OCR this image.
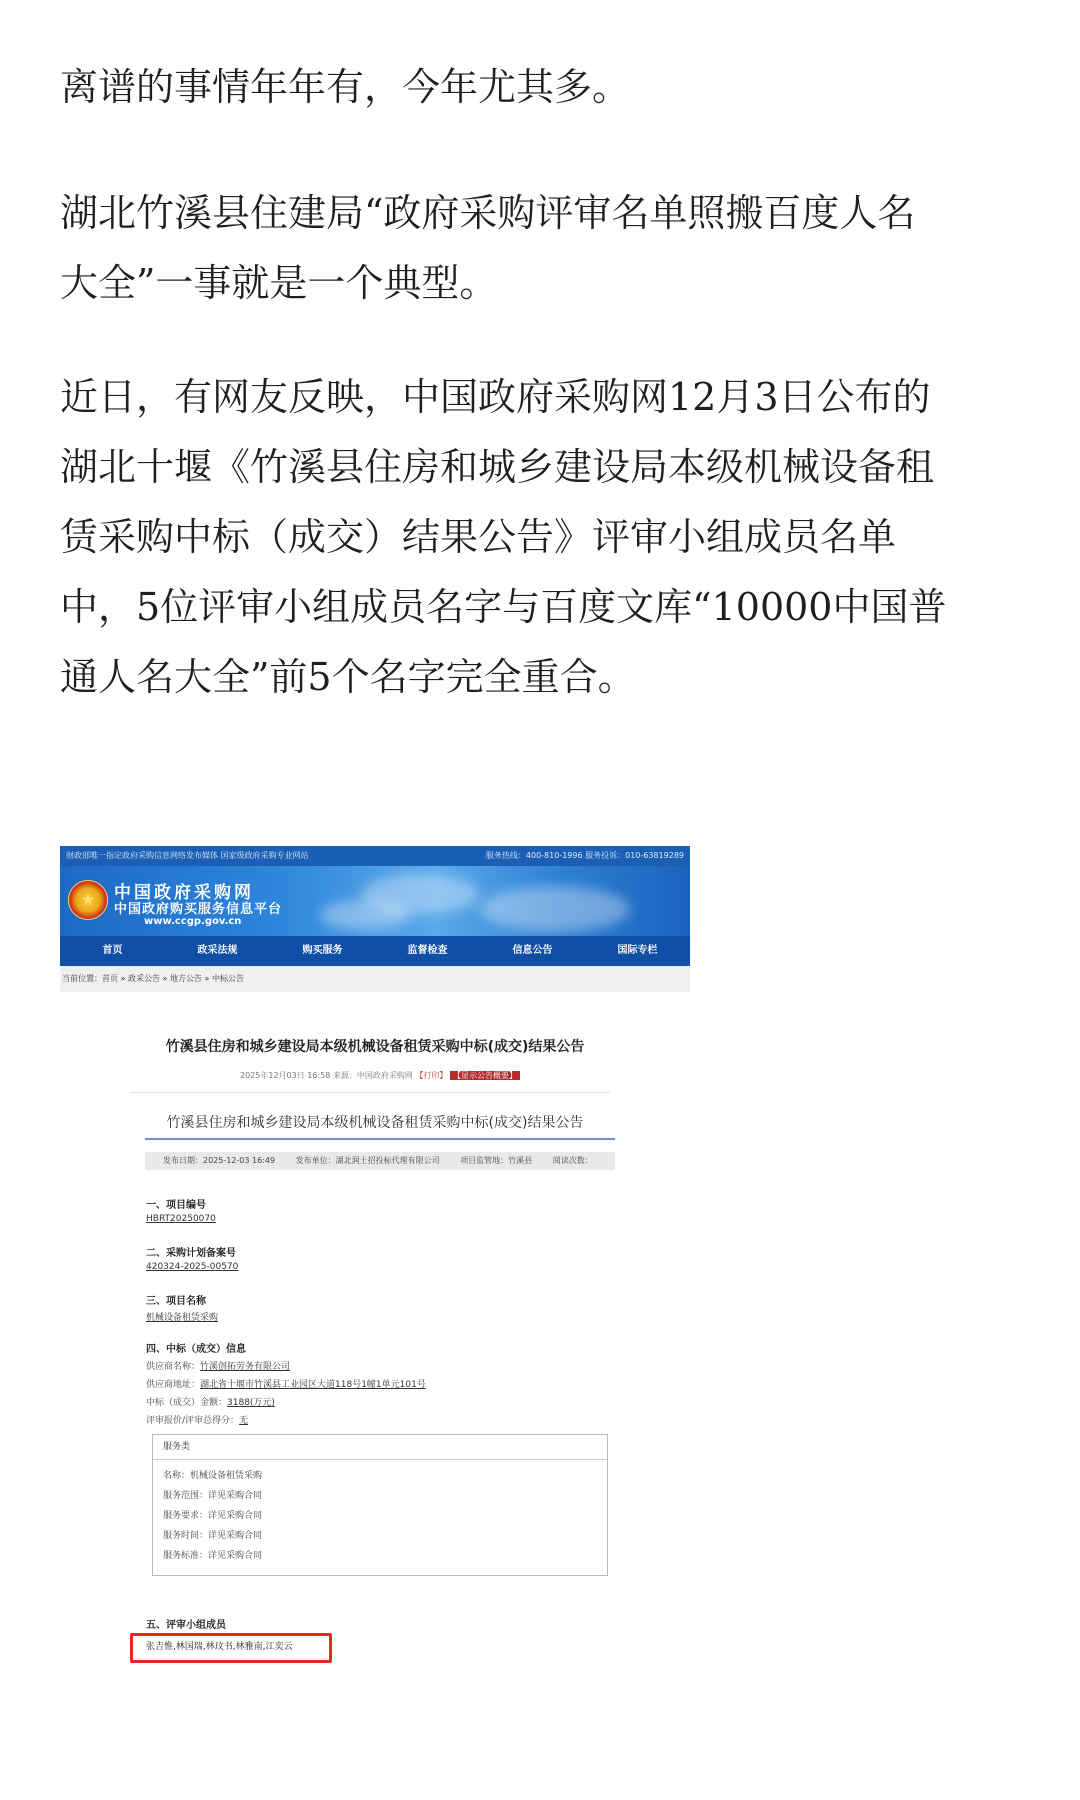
离谱的事情年年有，今年尤其多。
湖北竹溪县住建局“政府采购评审名单照搬百度人名
大全”一事就是一个典型。
近日，有网友反映，中国政府采购网12月3日公布的
湖北十堰《竹溪县住房和城乡建设局本级机械设备租
赁采购中标（成交）结果公告》评审小组成员名单
中，5位评审小组成员名字与百度文库“10000中国普
通人名大全”前5个名字完全重合。
财政部唯一指定政府采购信息网络发布媒体 国家级政府采购专业网站	服务热线：400-810-1996 服务投诉：010-63819289
★	中国政府采购网
中国政府购买服务信息平台
www.ccgp.gov.cn
首页	政采法规	购买服务	监督检查	信息公告	国际专栏
当前位置：首页 » 政采公告 » 地方公告 » 中标公告
竹溪县住房和城乡建设局本级机械设备租赁采购中标(成交)结果公告
2025年12月03日 16:58 来源：中国政府采购网 【打印】 【显示公告概要】
竹溪县住房和城乡建设局本级机械设备租赁采购中标(成交)结果公告
发布日期：2025-12-03 16:49	发布单位：湖北润土招投标代理有限公司	项目监管地：竹溪县	阅读次数：
一、项目编号
HBRT20250070
二、采购计划备案号
420324-2025-00570
三、项目名称
机械设备租赁采购
四、中标（成交）信息
供应商名称：竹溪创拓劳务有限公司
供应商地址：湖北省十堰市竹溪县工业园区大道118号1幢1单元101号
中标（成交）金额：3188(万元)
评审报价/评审总得分：无
服务类
名称：机械设备租赁采购
服务范围：详见采购合同
服务要求：详见采购合同
服务时间：详见采购合同
服务标准：详见采购合同
五、评审小组成员
张吉惟,林国瑞,林玟书,林雅南,江奕云
